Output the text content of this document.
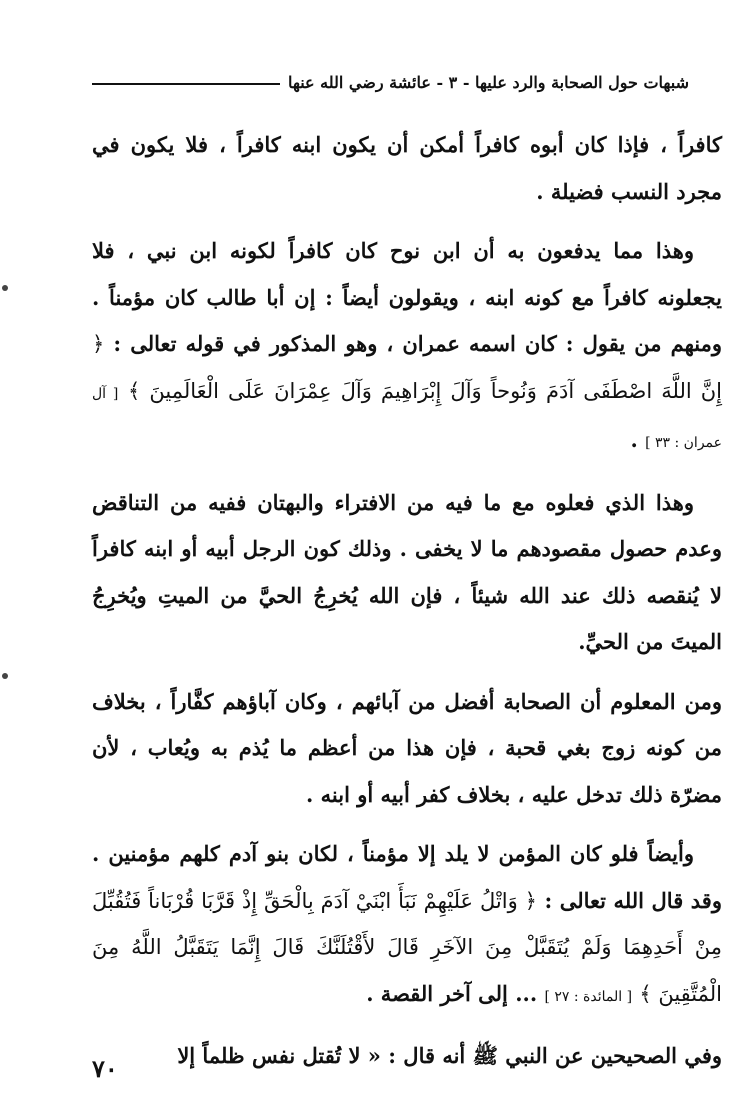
شبهات حول الصحابة والرد عليها - ٣ - عائشة رضي الله عنها

كافراً ، فإذا كان أبوه كافراً أمكن أن يكون ابنه كافراً ، فلا يكون في مجرد النسب فضيلة .

وهذا مما يدفعون به أن ابن نوح كان كافراً لكونه ابن نبي ، فلا يجعلونه كافراً مع كونه ابنه ، ويقولون أيضاً : إن أبا طالب كان مؤمناً . ومنهم من يقول : كان اسمه عمران ، وهو المذكور في قوله تعالى : ﴿ إِنَّ اللَّهَ اصْطَفَى آدَمَ وَنُوحاً وَآلَ إِبْرَاهِيمَ وَآلَ عِمْرَانَ عَلَى الْعَالَمِينَ ﴾ [ آل عمران : ٣٣ ] .

وهذا الذي فعلوه مع ما فيه من الافتراء والبهتان ففيه من التناقض وعدم حصول مقصودهم ما لا يخفى . وذلك كون الرجل أبيه أو ابنه كافراً لا يُنقصه ذلك عند الله شيئاً ، فإن الله يُخرِجُ الحيَّ من الميتِ ويُخرِجُ الميتَ من الحيِّ.

ومن المعلوم أن الصحابة أفضل من آبائهم ، وكان آباؤهم كفَّاراً ، بخلاف من كونه زوج بغي قحبة ، فإن هذا من أعظم ما يُذم به ويُعاب ، لأن مضرّة ذلك تدخل عليه ، بخلاف كفر أبيه أو ابنه .

وأيضاً فلو كان المؤمن لا يلد إلا مؤمناً ، لكان بنو آدم كلهم مؤمنين . وقد قال الله تعالى : ﴿ وَاتْلُ عَلَيْهِمْ نَبَأَ ابْنَيْ آدَمَ بِالْحَقِّ إِذْ قَرَّبَا قُرْبَاناً فَتُقُبِّلَ مِنْ أَحَدِهِمَا وَلَمْ يُتَقَبَّلْ مِنَ الآخَرِ قَالَ لأَقْتُلَنَّكَ قَالَ إِنَّمَا يَتَقَبَّلُ اللَّهُ مِنَ الْمُتَّقِينَ ﴾ [ المائدة : ٢٧ ] ... إلى آخر القصة .

وفي الصحيحين عن النبي ﷺ أنه قال : « لا تُقتل نفس ظلماً إلا

٧٠
